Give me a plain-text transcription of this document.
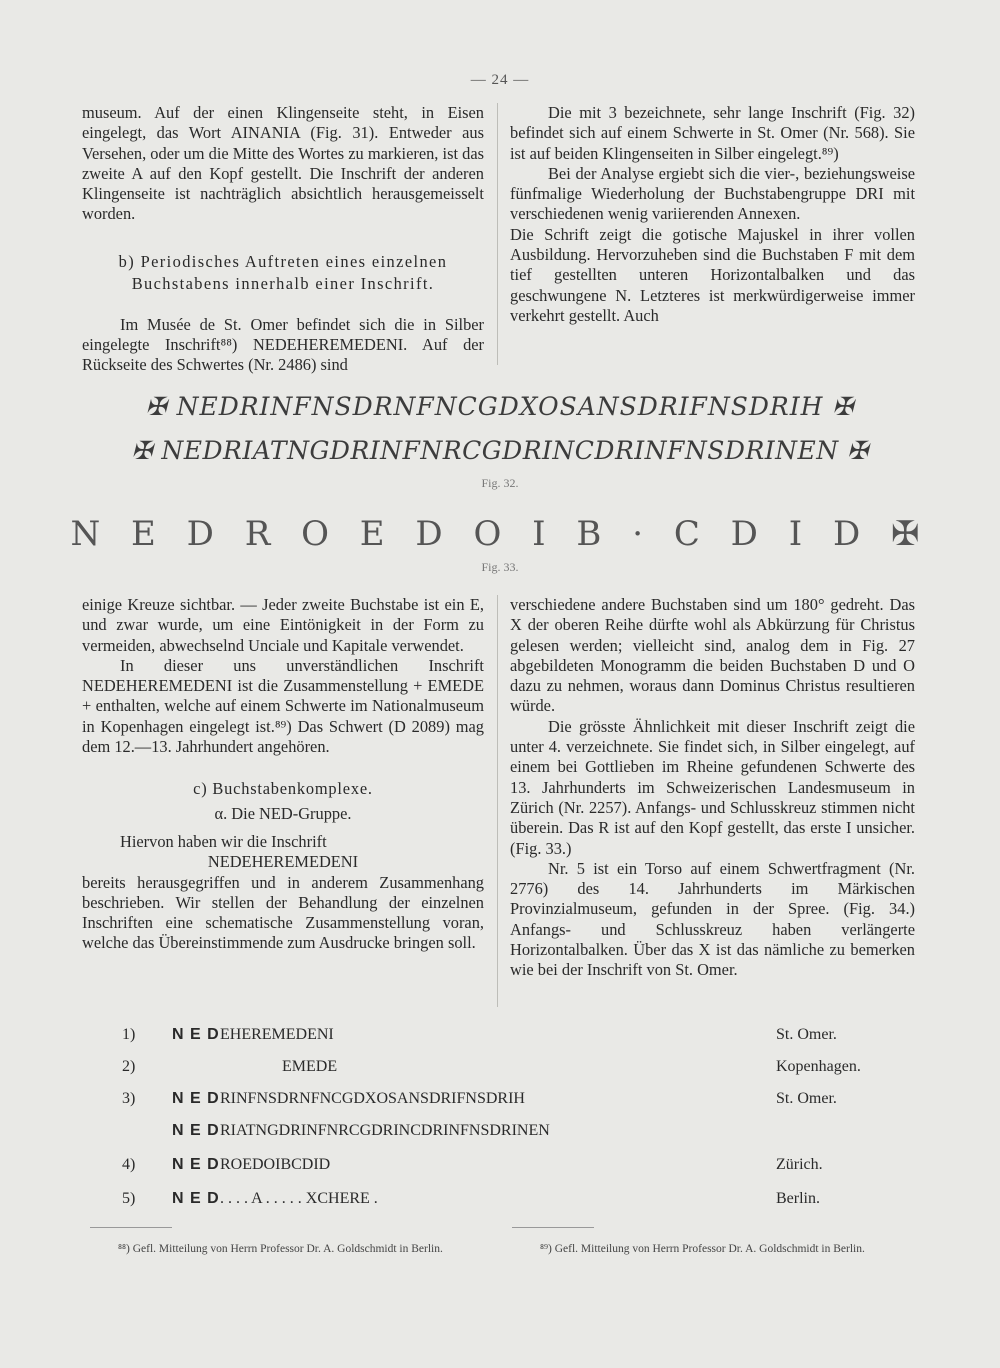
— 24 —

museum. Auf der einen Klingenseite steht, in Eisen eingelegt, das Wort AINANIA (Fig. 31). Entweder aus Versehen, oder um die Mitte des Wortes zu markieren, ist das zweite A auf den Kopf gestellt. Die Inschrift der anderen Klingenseite ist nachträglich absichtlich herausgemeisselt worden.

b) Periodisches Auftreten eines einzelnen Buchstabens innerhalb einer Inschrift.

Im Musée de St. Omer befindet sich die in Silber eingelegte Inschrift⁸⁸) NEDEHEREMEDENI. Auf der Rückseite des Schwertes (Nr. 2486) sind

Die mit 3 bezeichnete, sehr lange Inschrift (Fig. 32) befindet sich auf einem Schwerte in St. Omer (Nr. 568). Sie ist auf beiden Klingenseiten in Silber eingelegt.⁸⁹)

Bei der Analyse ergiebt sich die vier-, beziehungsweise fünfmalige Wiederholung der Buchstabengruppe DRI mit verschiedenen wenig variierenden Annexen.

Die Schrift zeigt die gotische Majuskel in ihrer vollen Ausbildung. Hervorzuheben sind die Buchstaben F mit dem tief gestellten unteren Horizontalbalken und das geschwungene N. Letzteres ist merkwürdigerweise immer verkehrt gestellt. Auch

✠ NEDRINFNSDRNFNCGDXOSANSDRIFNSDRIH ✠
✠ NEDRIATNGDRINFNRCGDRINCDRINFNSDRINEN ✠
Fig. 32.
N E D R O E D O I B · C D I D ✠
Fig. 33.

einige Kreuze sichtbar. — Jeder zweite Buchstabe ist ein E, und zwar wurde, um eine Eintönigkeit in der Form zu vermeiden, abwechselnd Unciale und Kapitale verwendet.

In dieser uns unverständlichen Inschrift NEDEHEREMEDENI ist die Zusammenstellung + EMEDE + enthalten, welche auf einem Schwerte im Nationalmuseum in Kopenhagen eingelegt ist.⁸⁹) Das Schwert (D 2089) mag dem 12.—13. Jahrhundert angehören.

c) Buchstabenkomplexe.

α. Die NED-Gruppe.

Hiervon haben wir die Inschrift

NEDEHEREMEDENI

bereits herausgegriffen und in anderem Zusammenhang beschrieben. Wir stellen der Behandlung der einzelnen Inschriften eine schematische Zusammenstellung voran, welche das Übereinstimmende zum Ausdrucke bringen soll.

verschiedene andere Buchstaben sind um 180° gedreht. Das X der oberen Reihe dürfte wohl als Abkürzung für Christus gelesen werden; vielleicht sind, analog dem in Fig. 27 abgebildeten Monogramm die beiden Buchstaben D und O dazu zu nehmen, woraus dann Dominus Christus resultieren würde.

Die grösste Ähnlichkeit mit dieser Inschrift zeigt die unter 4. verzeichnete. Sie findet sich, in Silber eingelegt, auf einem bei Gottlieben im Rheine gefundenen Schwerte des 13. Jahrhunderts im Schweizerischen Landesmuseum in Zürich (Nr. 2257). Anfangs- und Schlusskreuz stimmen nicht überein. Das R ist auf den Kopf gestellt, das erste I unsicher. (Fig. 33.)

Nr. 5 ist ein Torso auf einem Schwertfragment (Nr. 2776) des 14. Jahrhunderts im Märkischen Provinzialmuseum, gefunden in der Spree. (Fig. 34.) Anfangs- und Schlusskreuz haben verlängerte Horizontalbalken. Über das X ist das nämliche zu bemerken wie bei der Inschrift von St. Omer.

1) N E D EHEREMEDENI	St. Omer.
2)	EMEDE	Kopenhagen.
3) N E D RINFNSDRNFNCGDXOSANSDRIFNSDRIH	St. Omer.
N E D RIATNGDRINFNRCGDRINCDRINFNSDRINEN
4) N E D ROEDOIBCDID	Zürich.
5) N E D . . . . A . . . . . XCHERE .	Berlin.
⁸⁸) Gefl. Mitteilung von Herrn Professor Dr. A. Goldschmidt in Berlin.	⁸⁹) Gefl. Mitteilung von Herrn Professor Dr. A. Goldschmidt in Berlin.
